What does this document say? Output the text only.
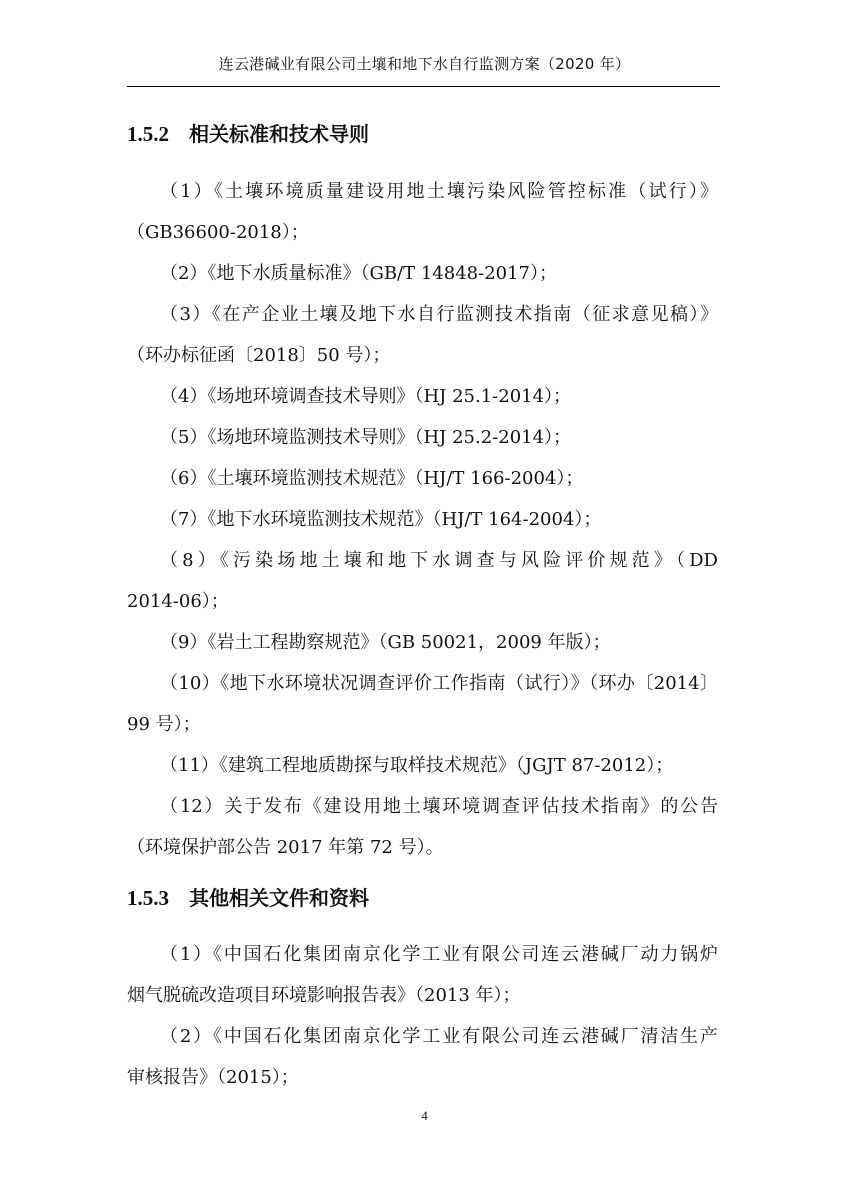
连云港碱业有限公司土壤和地下水自行监测方案（2020 年）
1.5.2 相关标准和技术导则
（1）《土壤环境质量建设用地土壤污染风险管控标准（试行）》
（GB36600-2018）；
（2）《地下水质量标准》（GB/T 14848-2017）；
（3）《在产企业土壤及地下水自行监测技术指南（征求意见稿）》
（环办标征函〔2018〕50 号）；
（4）《场地环境调查技术导则》（HJ 25.1-2014）；
（5）《场地环境监测技术导则》（HJ 25.2-2014）；
（6）《土壤环境监测技术规范》（HJ/T 166-2004）；
（7）《地下水环境监测技术规范》（HJ/T 164-2004）；
（8）《污染场地土壤和地下水调查与风险评价规范》（DD
2014-06）；
（9）《岩土工程勘察规范》（GB 50021，2009 年版）；
（10）《地下水环境状况调查评价工作指南（试行）》（环办〔2014〕
99 号）；
（11）《建筑工程地质勘探与取样技术规范》（JGJT 87-2012）；
（12）关于发布《建设用地土壤环境调查评估技术指南》的公告
（环境保护部公告 2017 年第 72 号）。
1.5.3 其他相关文件和资料
（1）《中国石化集团南京化学工业有限公司连云港碱厂动力锅炉
烟气脱硫改造项目环境影响报告表》（2013 年）；
（2）《中国石化集团南京化学工业有限公司连云港碱厂清洁生产
审核报告》（2015）；
4
